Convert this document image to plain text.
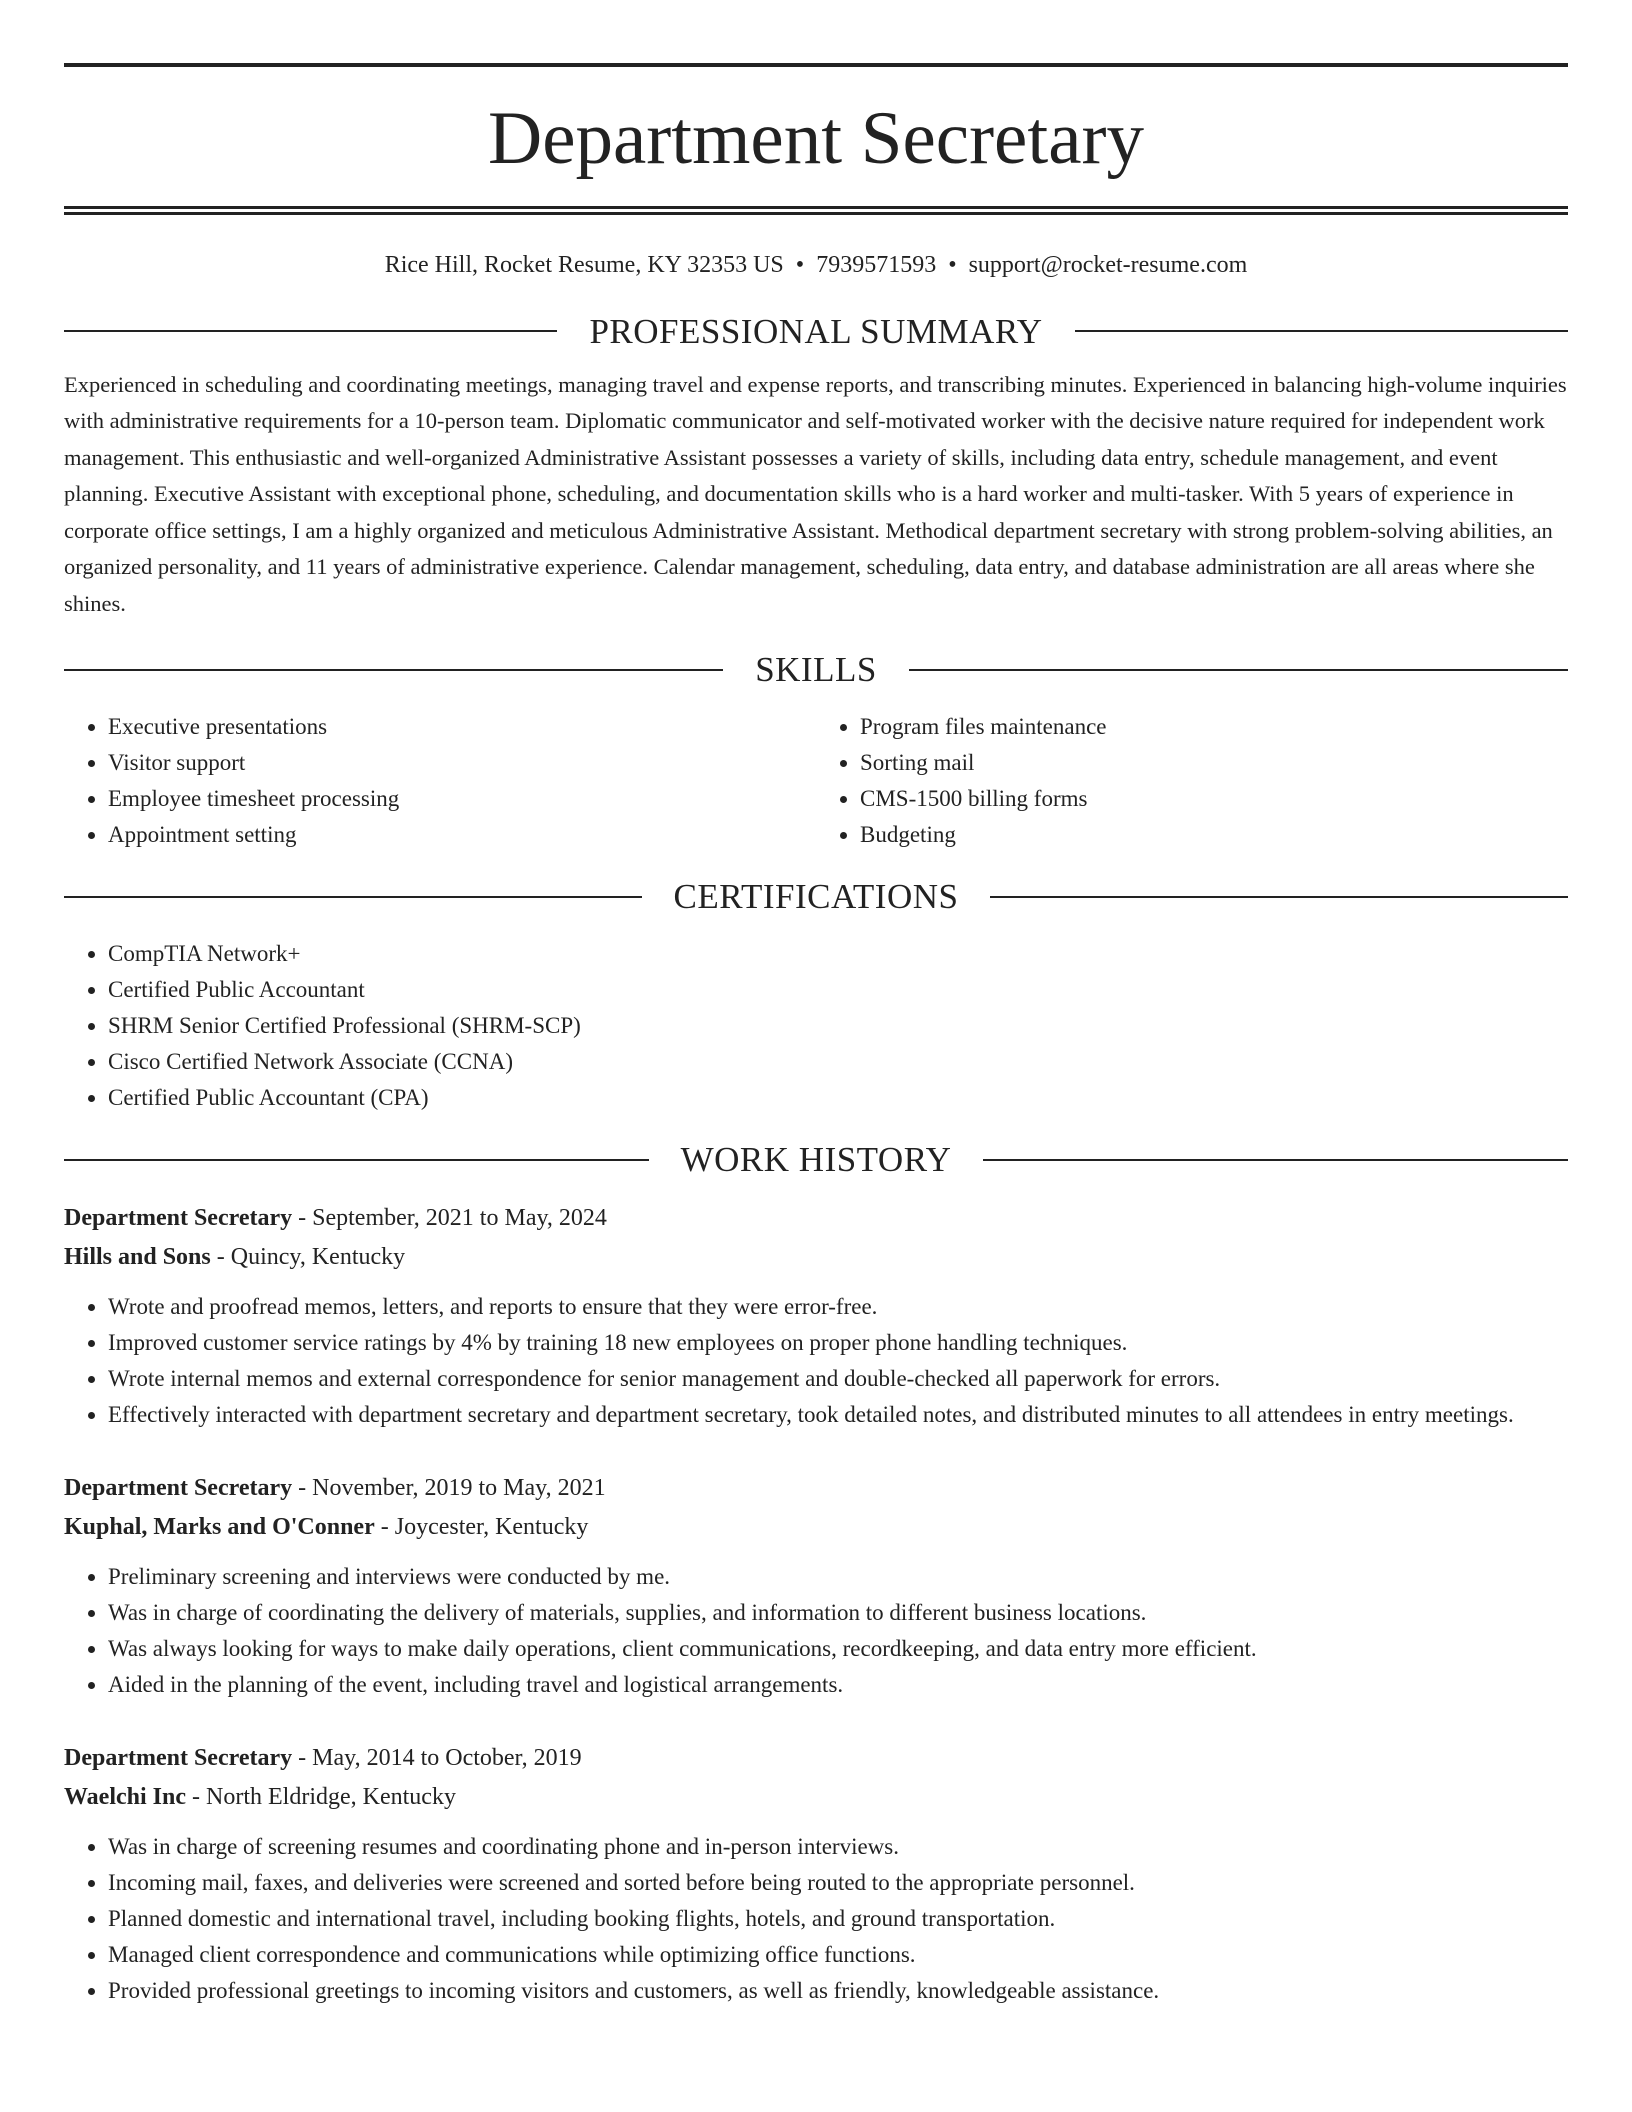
Department Secretary
Rice Hill, Rocket Resume, KY 32353 US • 7939571593 • support@rocket-resume.com
PROFESSIONAL SUMMARY

Experienced in scheduling and coordinating meetings, managing travel and expense reports, and transcribing minutes. Experienced in balancing high-volume inquiries with administrative requirements for a 10-person team. Diplomatic communicator and self-motivated worker with the decisive nature required for independent work management. This enthusiastic and well-organized Administrative Assistant possesses a variety of skills, including data entry, schedule management, and event planning. Executive Assistant with exceptional phone, scheduling, and documentation skills who is a hard worker and multi-tasker. With 5 years of experience in corporate office settings, I am a highly organized and meticulous Administrative Assistant. Methodical department secretary with strong problem-solving abilities, an organized personality, and 11 years of administrative experience. Calendar management, scheduling, data entry, and database administration are all areas where she shines.

SKILLS
• Executive presentations
• Visitor support
• Employee timesheet processing
• Appointment setting
• Program files maintenance
• Sorting mail
• CMS-1500 billing forms
• Budgeting
CERTIFICATIONS
• CompTIA Network+
• Certified Public Accountant
• SHRM Senior Certified Professional (SHRM-SCP)
• Cisco Certified Network Associate (CCNA)
• Certified Public Accountant (CPA)
WORK HISTORY
Department Secretary - September, 2021 to May, 2024
Hills and Sons - Quincy, Kentucky
• Wrote and proofread memos, letters, and reports to ensure that they were error-free.
• Improved customer service ratings by 4% by training 18 new employees on proper phone handling techniques.
• Wrote internal memos and external correspondence for senior management and double-checked all paperwork for errors.
• Effectively interacted with department secretary and department secretary, took detailed notes, and distributed minutes to all attendees in entry meetings.
Department Secretary - November, 2019 to May, 2021
Kuphal, Marks and O'Conner - Joycester, Kentucky
• Preliminary screening and interviews were conducted by me.
• Was in charge of coordinating the delivery of materials, supplies, and information to different business locations.
• Was always looking for ways to make daily operations, client communications, recordkeeping, and data entry more efficient.
• Aided in the planning of the event, including travel and logistical arrangements.
Department Secretary - May, 2014 to October, 2019
Waelchi Inc - North Eldridge, Kentucky
• Was in charge of screening resumes and coordinating phone and in-person interviews.
• Incoming mail, faxes, and deliveries were screened and sorted before being routed to the appropriate personnel.
• Planned domestic and international travel, including booking flights, hotels, and ground transportation.
• Managed client correspondence and communications while optimizing office functions.
• Provided professional greetings to incoming visitors and customers, as well as friendly, knowledgeable assistance.
